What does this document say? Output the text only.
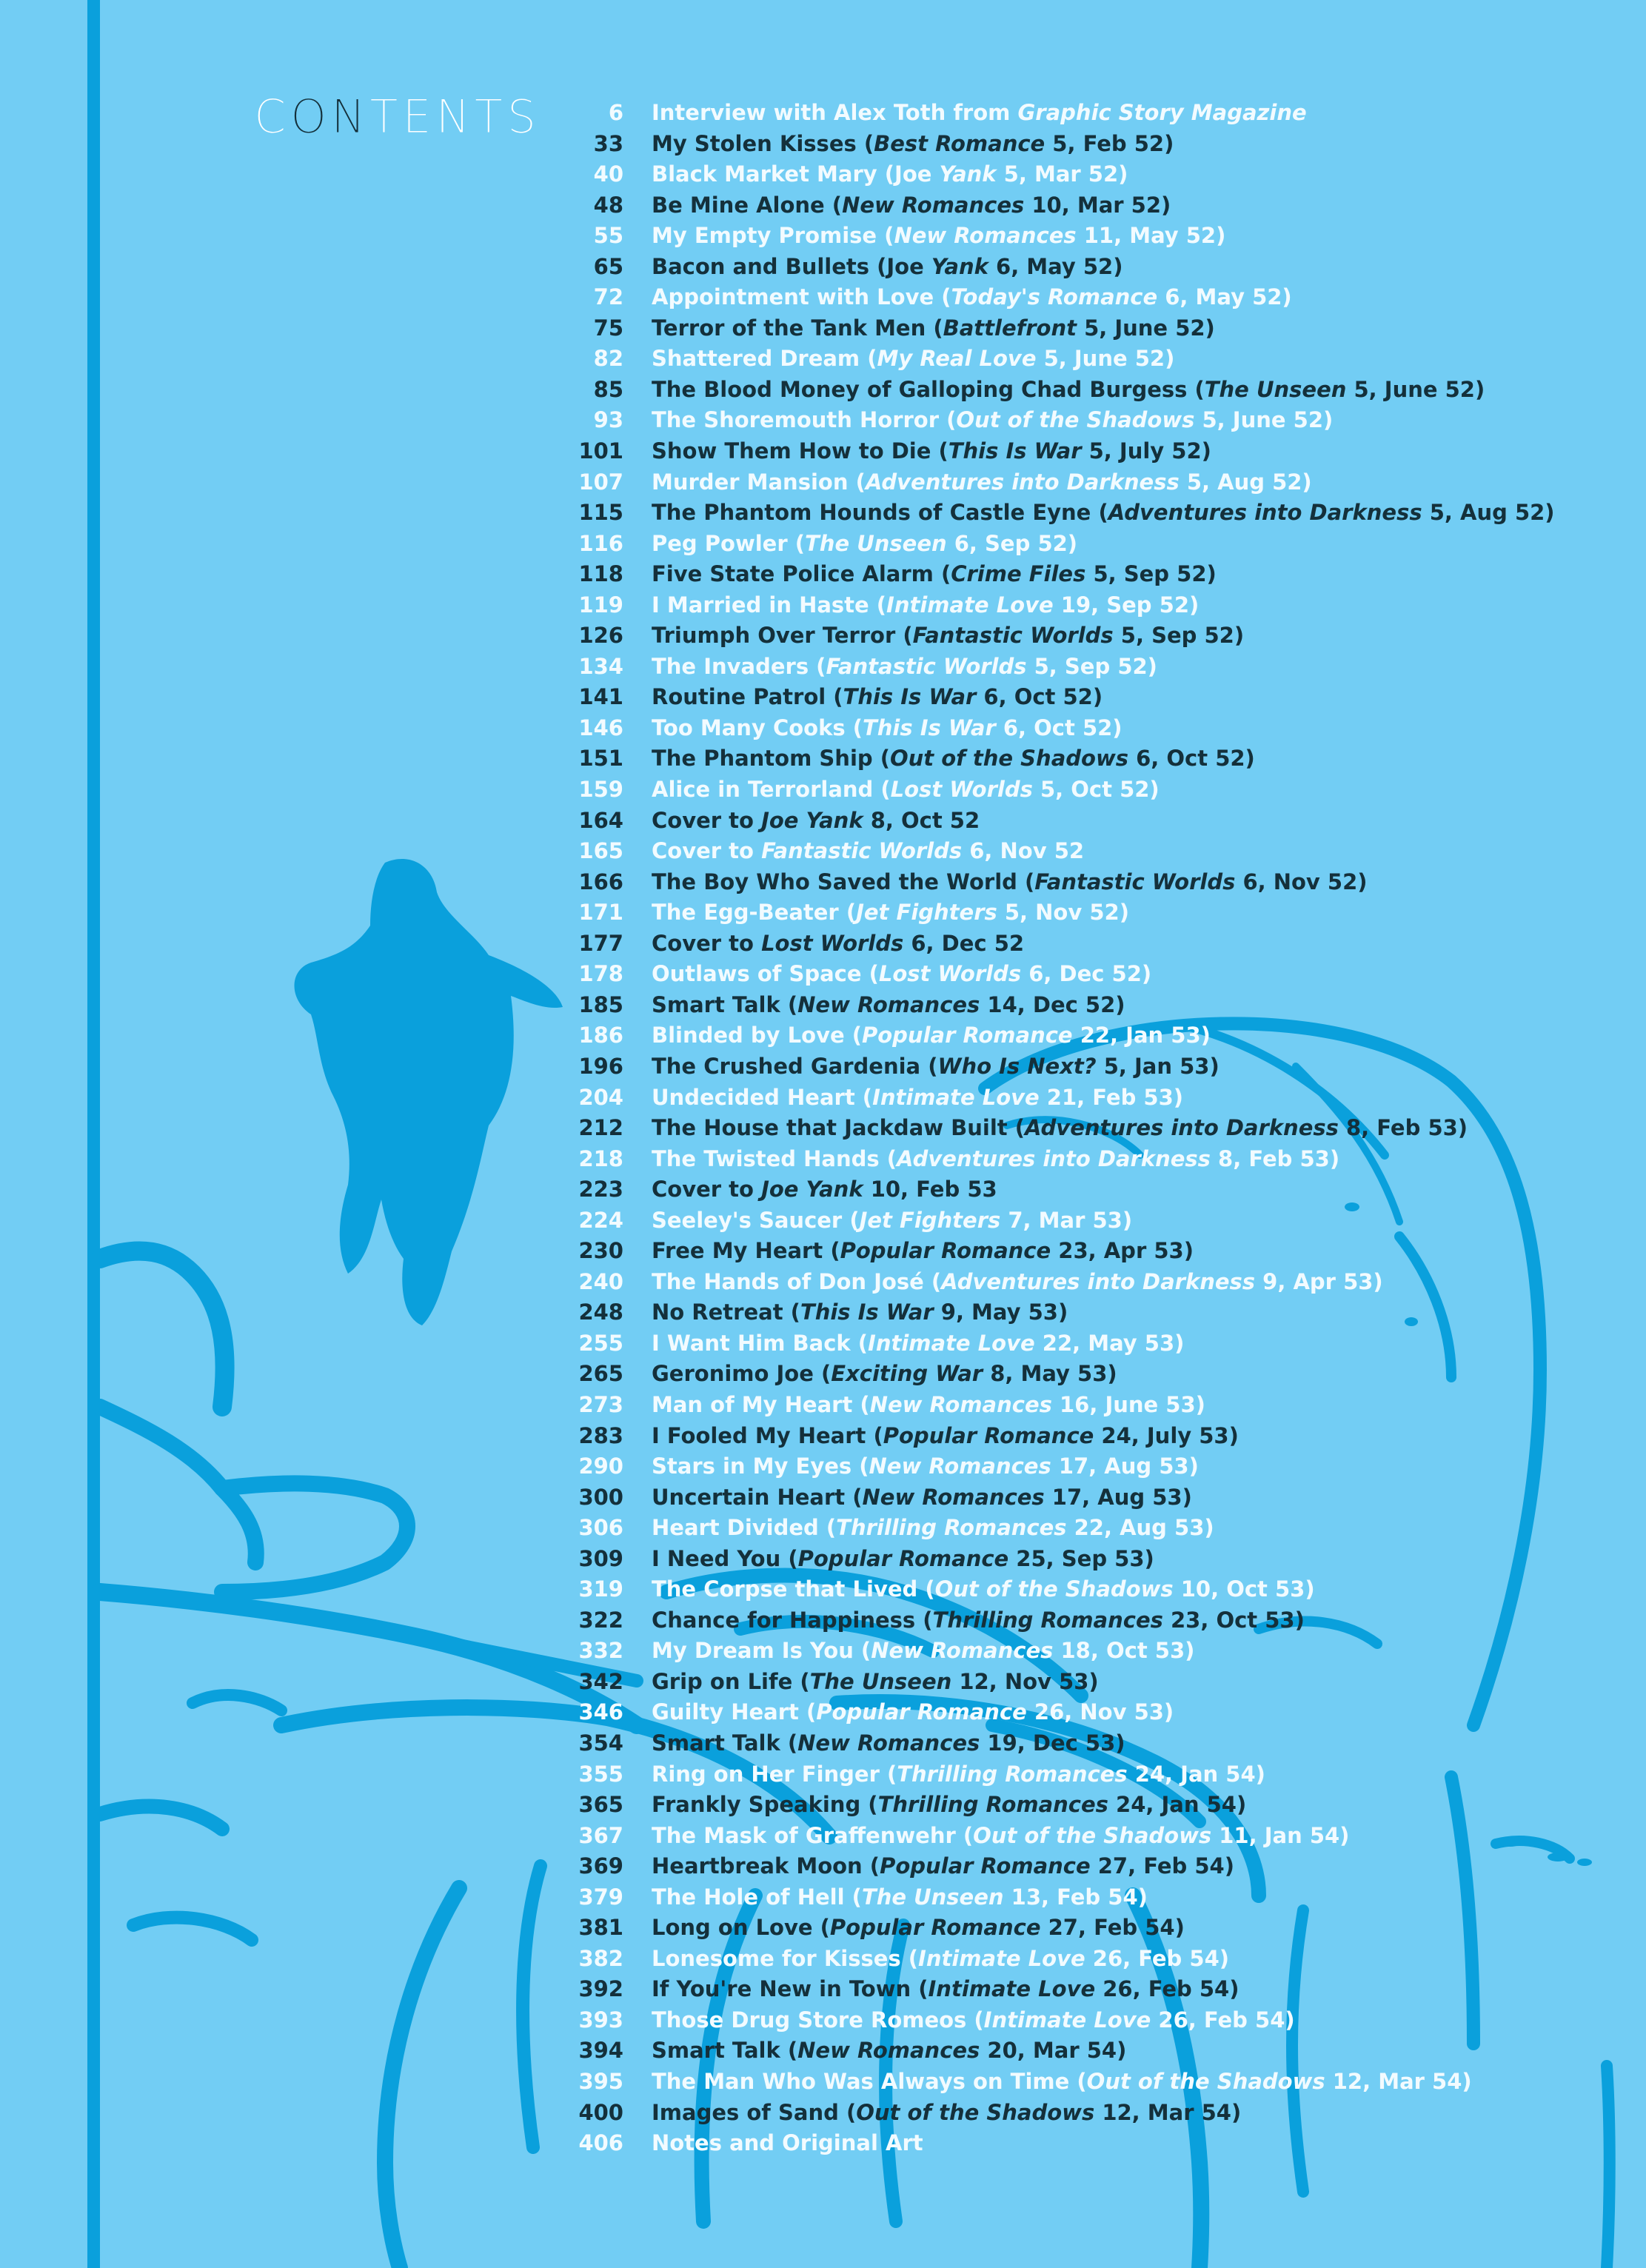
CONTENTS	6 Interview with Alex Toth from Graphic Story Magazine
33 My Stolen Kisses (Best Romance 5, Feb 52)
40 Black Market Mary (Joe Yank 5, Mar 52)
48 Be Mine Alone (New Romances 10, Mar 52)
55 My Empty Promise (New Romances 11, May 52)
65 Bacon and Bullets (Joe Yank 6, May 52)
72 Appointment with Love (Today's Romance 6, May 52)
75 Terror of the Tank Men (Battlefront 5, June 52)
82 Shattered Dream (My Real Love 5, June 52)
85 The Blood Money of Galloping Chad Burgess (The Unseen 5, June 52)
93 The Shoremouth Horror (Out of the Shadows 5, June 52)
101 Show Them How to Die (This Is War 5, July 52)
107 Murder Mansion (Adventures into Darkness 5, Aug 52)
115 The Phantom Hounds of Castle Eyne (Adventures into Darkness 5, Aug 52)
116 Peg Powler (The Unseen 6, Sep 52)
118 Five State Police Alarm (Crime Files 5, Sep 52)
119 I Married in Haste (Intimate Love 19, Sep 52)
126 Triumph Over Terror (Fantastic Worlds 5, Sep 52)
134 The Invaders (Fantastic Worlds 5, Sep 52)
141 Routine Patrol (This Is War 6, Oct 52)
146 Too Many Cooks (This Is War 6, Oct 52)
151 The Phantom Ship (Out of the Shadows 6, Oct 52)
159 Alice in Terrorland (Lost Worlds 5, Oct 52)
164 Cover to Joe Yank 8, Oct 52
165 Cover to Fantastic Worlds 6, Nov 52
166 The Boy Who Saved the World (Fantastic Worlds 6, Nov 52)
171 The Egg-Beater (Jet Fighters 5, Nov 52)
177 Cover to Lost Worlds 6, Dec 52
178 Outlaws of Space (Lost Worlds 6, Dec 52)
185 Smart Talk (New Romances 14, Dec 52)
186 Blinded by Love (Popular Romance 22, Jan 53)
196 The Crushed Gardenia (Who Is Next? 5, Jan 53)
204 Undecided Heart (Intimate Love 21, Feb 53)
212 The House that Jackdaw Built (Adventures into Darkness 8, Feb 53)
218 The Twisted Hands (Adventures into Darkness 8, Feb 53)
223 Cover to Joe Yank 10, Feb 53
224 Seeley's Saucer (Jet Fighters 7, Mar 53)
230 Free My Heart (Popular Romance 23, Apr 53)
240 The Hands of Don José (Adventures into Darkness 9, Apr 53)
248 No Retreat (This Is War 9, May 53)
255 I Want Him Back (Intimate Love 22, May 53)
265 Geronimo Joe (Exciting War 8, May 53)
273 Man of My Heart (New Romances 16, June 53)
283 I Fooled My Heart (Popular Romance 24, July 53)
290 Stars in My Eyes (New Romances 17, Aug 53)
300 Uncertain Heart (New Romances 17, Aug 53)
306 Heart Divided (Thrilling Romances 22, Aug 53)
309 I Need You (Popular Romance 25, Sep 53)
319 The Corpse that Lived (Out of the Shadows 10, Oct 53)
322 Chance for Happiness (Thrilling Romances 23, Oct 53)
332 My Dream Is You (New Romances 18, Oct 53)
342 Grip on Life (The Unseen 12, Nov 53)
346 Guilty Heart (Popular Romance 26, Nov 53)
354 Smart Talk (New Romances 19, Dec 53)
355 Ring on Her Finger (Thrilling Romances 24, Jan 54)
365 Frankly Speaking (Thrilling Romances 24, Jan 54)
367 The Mask of Graffenwehr (Out of the Shadows 11, Jan 54)
369 Heartbreak Moon (Popular Romance 27, Feb 54)
379 The Hole of Hell (The Unseen 13, Feb 54)
381 Long on Love (Popular Romance 27, Feb 54)
382 Lonesome for Kisses (Intimate Love 26, Feb 54)
392 If You're New in Town (Intimate Love 26, Feb 54)
393 Those Drug Store Romeos (Intimate Love 26, Feb 54)
394 Smart Talk (New Romances 20, Mar 54)
395 The Man Who Was Always on Time (Out of the Shadows 12, Mar 54)
400 Images of Sand (Out of the Shadows 12, Mar 54)
406 Notes and Original Art
